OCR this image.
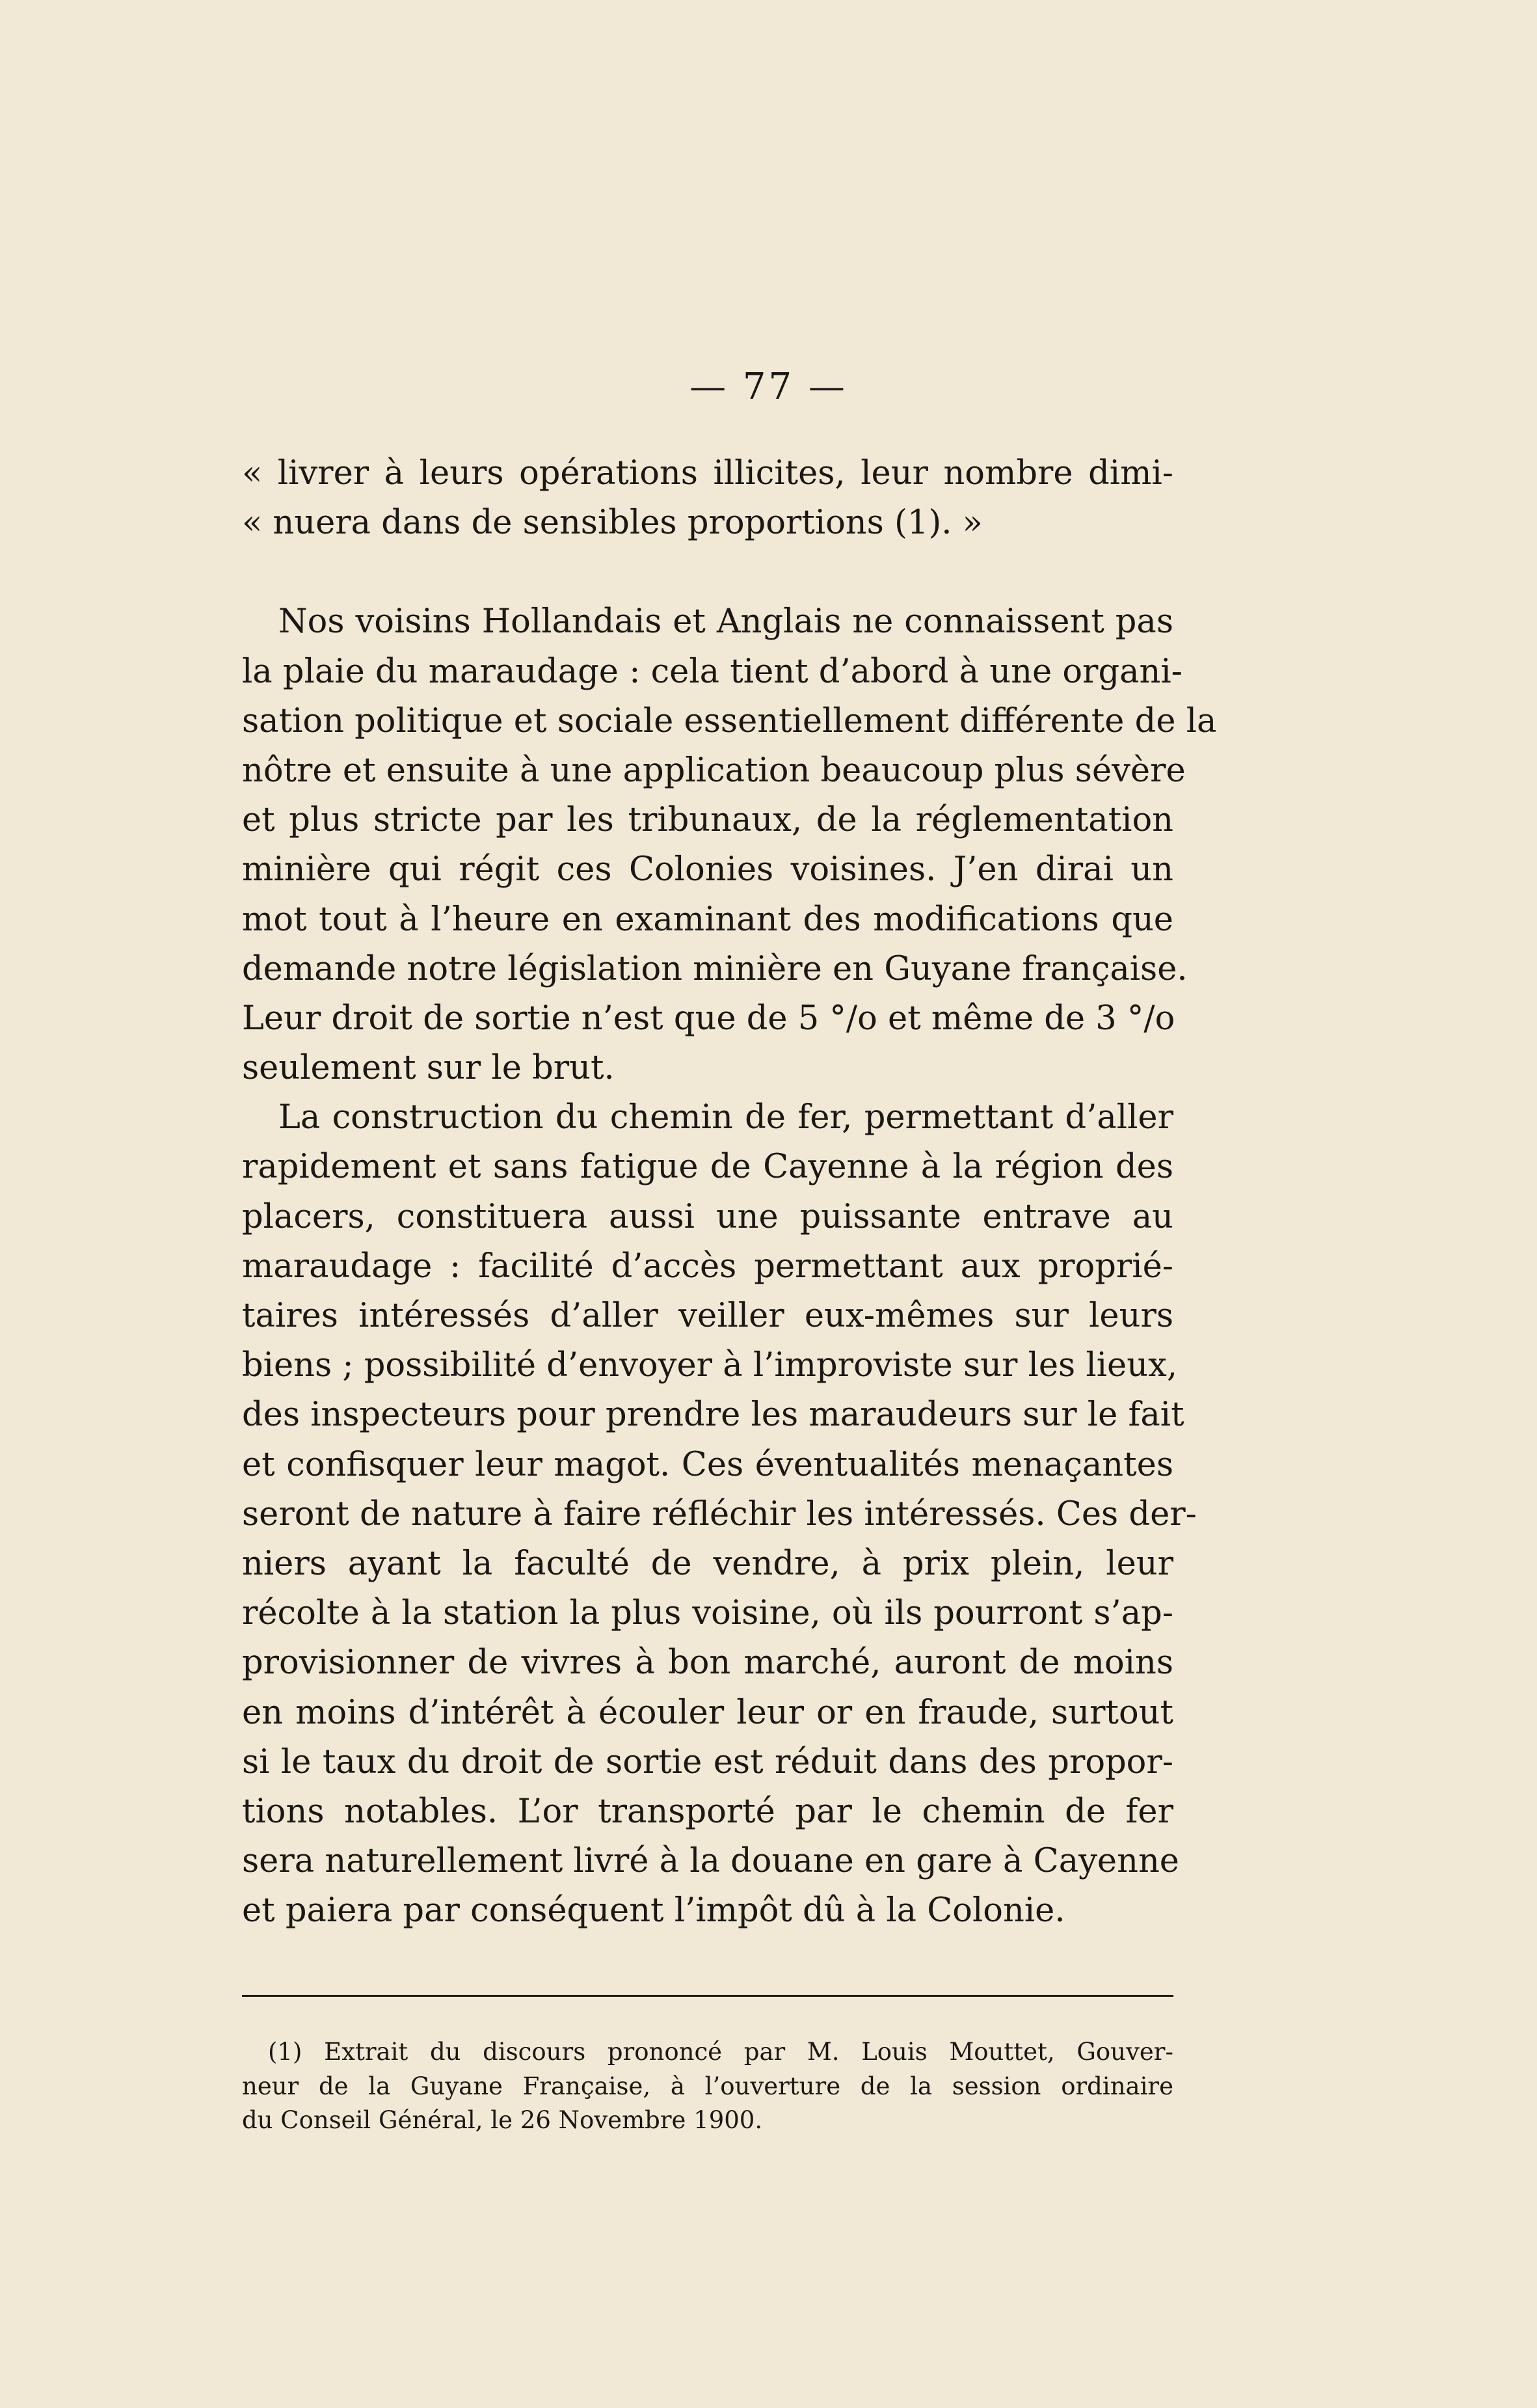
— 77 —
« livrer à leurs opérations illicites, leur nombre dimi-
« nuera dans de sensibles proportions (1). »
Nos voisins Hollandais et Anglais ne connaissent pas
la plaie du maraudage : cela tient d’abord à une organi-
sation politique et sociale essentiellement différente de la
nôtre et ensuite à une application beaucoup plus sévère
et plus stricte par les tribunaux, de la réglementation
minière qui régit ces Colonies voisines. J’en dirai un
mot tout à l’heure en examinant des modifications que
demande notre législation minière en Guyane française.
Leur droit de sortie n’est que de 5 °/o et même de 3 °/o
seulement sur le brut.
La construction du chemin de fer, permettant d’aller
rapidement et sans fatigue de Cayenne à la région des
placers, constituera aussi une puissante entrave au
maraudage : facilité d’accès permettant aux proprié-
taires intéressés d’aller veiller eux-mêmes sur leurs
biens ; possibilité d’envoyer à l’improviste sur les lieux,
des inspecteurs pour prendre les maraudeurs sur le fait
et confisquer leur magot. Ces éventualités menaçantes
seront de nature à faire réfléchir les intéressés. Ces der-
niers ayant la faculté de vendre, à prix plein, leur
récolte à la station la plus voisine, où ils pourront s’ap-
provisionner de vivres à bon marché, auront de moins
en moins d’intérêt à écouler leur or en fraude, surtout
si le taux du droit de sortie est réduit dans des propor-
tions notables. L’or transporté par le chemin de fer
sera naturellement livré à la douane en gare à Cayenne
et paiera par conséquent l’impôt dû à la Colonie.
(1) Extrait du discours prononcé par M. Louis Mouttet, Gouver-
neur de la Guyane Française, à l’ouverture de la session ordinaire
du Conseil Général, le 26 Novembre 1900.
